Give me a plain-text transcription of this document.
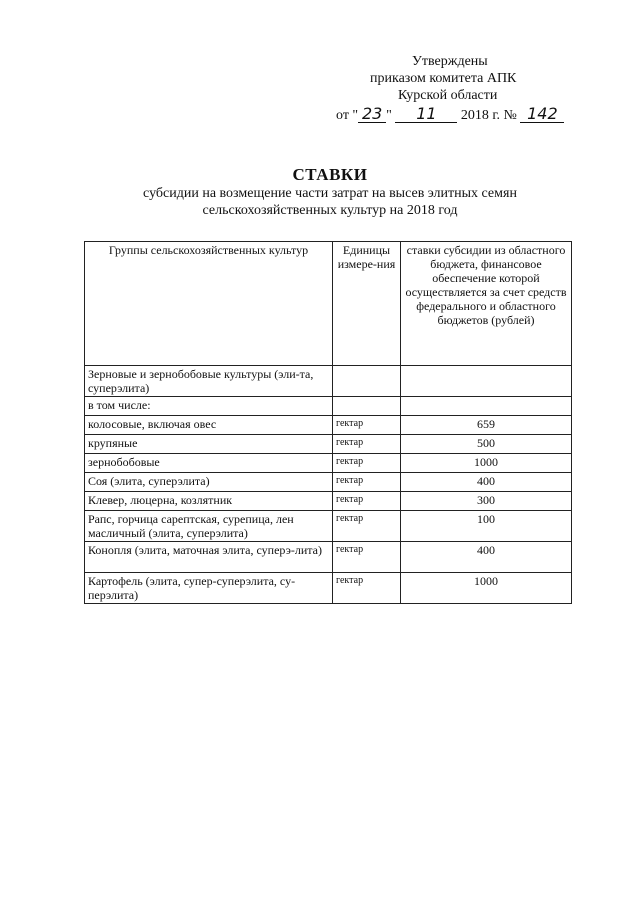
Утверждены
приказом комитета АПК
Курской области
от " 23 " 11 2018 г. № 142
СТАВКИ
субсидии на возмещение части затрат на высев элитных семян
сельскохозяйственных культур на 2018 год
Группы сельскохозяйственных культур	Единицы измере-ния	ставки субсидии из областного бюджета, финансовое обеспечение которой осуществляется за счет средств федерального и областного бюджетов (рублей)
Зерновые и зернобобовые культуры (эли-та, суперэлита)		
в том числе:		
колосовые, включая овес	гектар	659
крупяные	гектар	500
зернобобовые	гектар	1000
Соя (элита, суперэлита)	гектар	400
Клевер, люцерна, козлятник	гектар	300
Рапс, горчица сарептская, сурепица, лен масличный (элита, суперэлита)	гектар	100
Конопля (элита, маточная элита, суперэ-лита)	гектар	400
Картофель (элита, супер-суперэлита, су-перэлита)	гектар	1000
